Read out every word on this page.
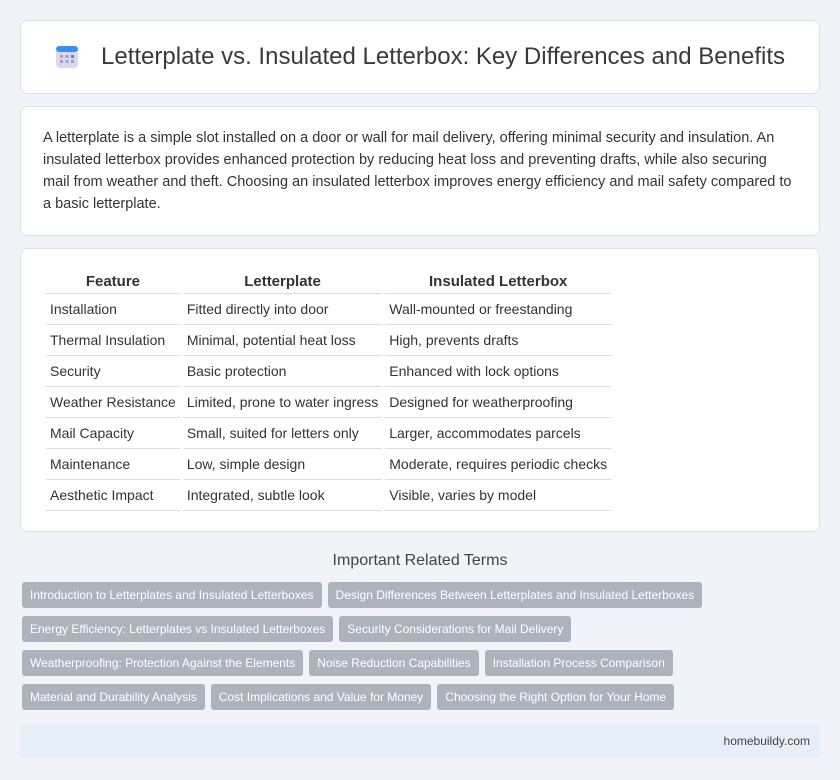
Letterplate vs. Insulated Letterbox: Key Differences and Benefits
A letterplate is a simple slot installed on a door or wall for mail delivery, offering minimal security and insulation. An insulated letterbox provides enhanced protection by reducing heat loss and preventing drafts, while also securing mail from weather and theft. Choosing an insulated letterbox improves energy efficiency and mail safety compared to a basic letterplate.
Feature	Letterplate	Insulated Letterbox
Installation	Fitted directly into door	Wall-mounted or freestanding
Thermal Insulation	Minimal, potential heat loss	High, prevents drafts
Security	Basic protection	Enhanced with lock options
Weather Resistance	Limited, prone to water ingress	Designed for weatherproofing
Mail Capacity	Small, suited for letters only	Larger, accommodates parcels
Maintenance	Low, simple design	Moderate, requires periodic checks
Aesthetic Impact	Integrated, subtle look	Visible, varies by model
Important Related Terms
Introduction to Letterplates and Insulated Letterboxes	Design Differences Between Letterplates and Insulated Letterboxes
Energy Efficiency: Letterplates vs Insulated Letterboxes	Security Considerations for Mail Delivery
Weatherproofing: Protection Against the Elements	Noise Reduction Capabilities	Installation Process Comparison
Material and Durability Analysis	Cost Implications and Value for Money	Choosing the Right Option for Your Home
homebuildy.com
